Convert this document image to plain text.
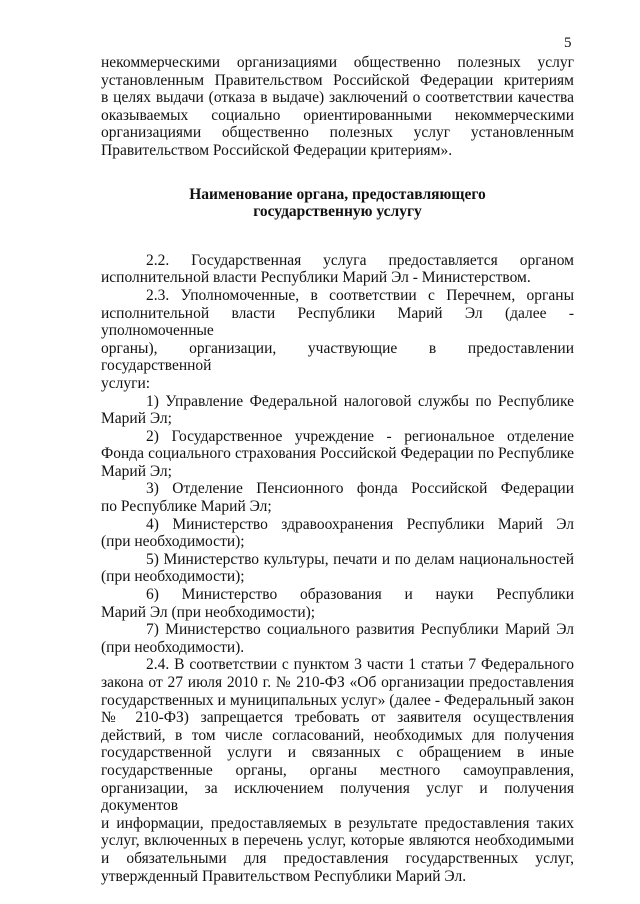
5
некоммерческими организациями общественно полезных услуг
установленным Правительством Российской Федерации критериям
в целях выдачи (отказа в выдаче) заключений о соответствии качества
оказываемых социально ориентированными некоммерческими
организациями общественно полезных услуг установленным
Правительством Российской Федерации критериям».
Наименование органа, предоставляющего
государственную услугу
2.2. Государственная услуга предоставляется органом
исполнительной власти Республики Марий Эл - Министерством.
2.3. Уполномоченные, в соответствии с Перечнем, органы
исполнительной власти Республики Марий Эл (далее - уполномоченные
органы), организации, участвующие в предоставлении государственной
услуги:
1) Управление Федеральной налоговой службы по Республике
Марий Эл;
2) Государственное учреждение - региональное отделение
Фонда социального страхования Российской Федерации по Республике
Марий Эл;
3) Отделение Пенсионного фонда Российской Федерации
по Республике Марий Эл;
4) Министерство здравоохранения Республики Марий Эл
(при необходимости);
5) Министерство культуры, печати и по делам национальностей
(при необходимости);
6) Министерство образования и науки Республики
Марий Эл (при необходимости);
7) Министерство социального развития Республики Марий Эл
(при необходимости).
2.4. В соответствии с пунктом 3 части 1 статьи 7 Федерального
закона от 27 июля 2010 г. № 210-ФЗ «Об организации предоставления
государственных и муниципальных услуг» (далее - Федеральный закон
№ 210-ФЗ) запрещается требовать от заявителя осуществления
действий, в том числе согласований, необходимых для получения
государственной услуги и связанных с обращением в иные
государственные органы, органы местного самоуправления,
организации, за исключением получения услуг и получения документов
и информации, предоставляемых в результате предоставления таких
услуг, включенных в перечень услуг, которые являются необходимыми
и обязательными для предоставления государственных услуг,
утвержденный Правительством Республики Марий Эл.
